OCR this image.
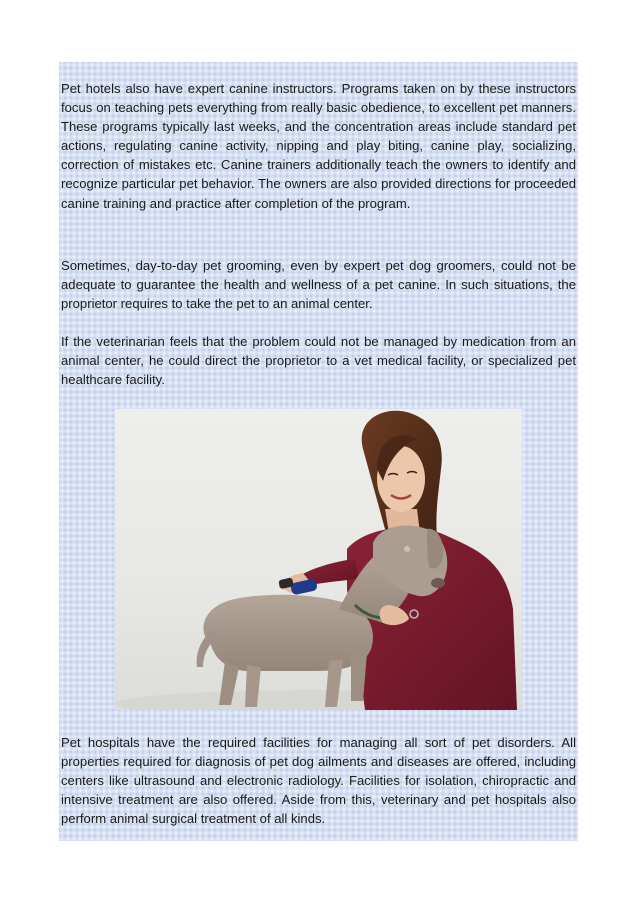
Pet hotels also have expert canine instructors. Programs taken on by these instructors focus on teaching pets everything from really basic obedience, to excellent pet manners. These programs typically last weeks, and the concentration areas include standard pet actions, regulating canine activity, nipping and play biting, canine play, socializing, correction of mistakes etc. Canine trainers additionally teach the owners to identify and recognize particular pet behavior. The owners are also provided directions for proceeded canine training and practice after completion of the program.

Sometimes, day-to-day pet grooming, even by expert pet dog groomers, could not be adequate to guarantee the health and wellness of a pet canine. In such situations, the proprietor requires to take the pet to an animal center.

If the veterinarian feels that the problem could not be managed by medication from an animal center, he could direct the proprietor to a vet medical facility, or specialized pet healthcare facility.

Pet hospitals have the required facilities for managing all sort of pet disorders. All properties required for diagnosis of pet dog ailments and diseases are offered, including centers like ultrasound and electronic radiology. Facilities for isolation, chiropractic and intensive treatment are also offered. Aside from this, veterinary and pet hospitals also perform animal surgical treatment of all kinds.
